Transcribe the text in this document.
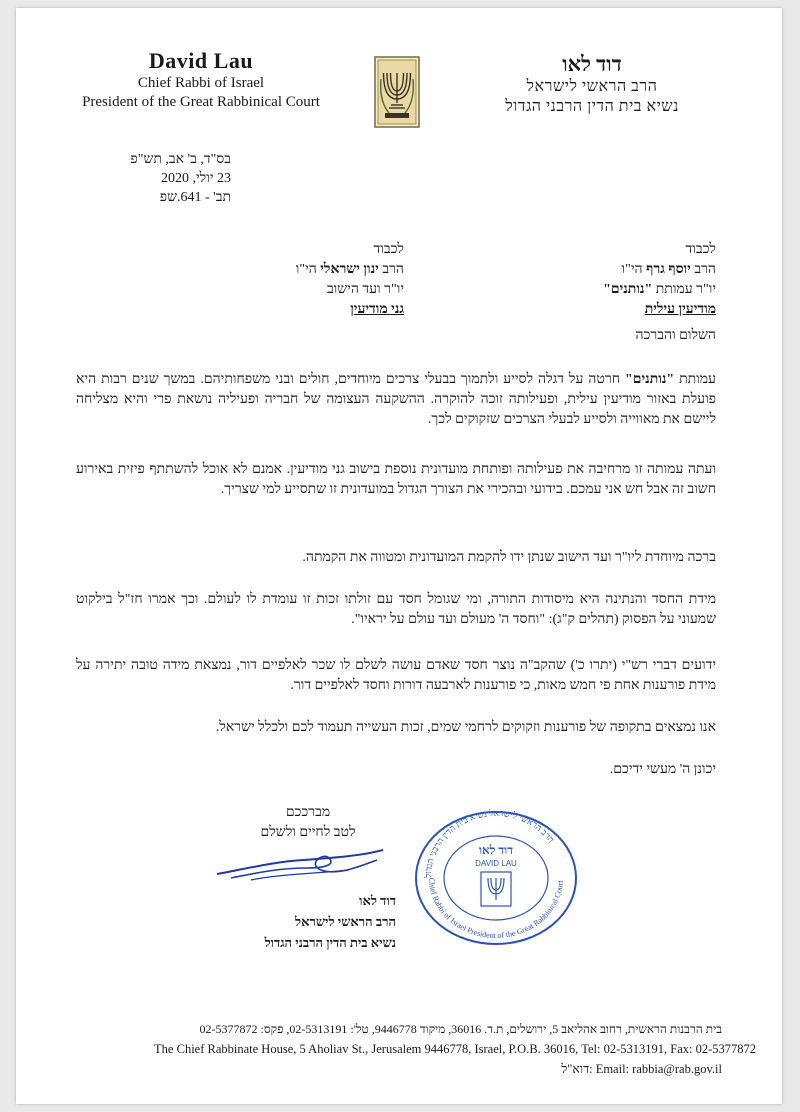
David Lau
Chief Rabbi of Israel
President of the Great Rabbinical Court
דוד לאו
הרב הראשי לישראל
נשיא בית הדין הרבני הגדול
בס"ד, ב' אב, תש"פ
23 יולי, 2020
תב' - 641.שפ
לכבוד
הרב יוסף גרף הי"ו
יו"ר עמותת "נותנים"
מודיעין עילית
לכבוד
הרב ינון ישראלי הי"ו
יו"ר ועד הישוב
גני מודיעין
השלום והברכה
עמותת "נותנים" חרטה על דגלה לסייע ולתמוך בבעלי צרכים מיוחדים, חולים ובני משפחותיהם. במשך שנים רבות היא פועלת באזור מודיעין עילית, ופעילותה זוכה להוקרה. ההשקעה העצומה של חבריה ופעיליה נושאת פרי והיא מצליחה ליישם את מאווייה ולסייע לבעלי הצרכים שזקוקים לכך.
ועתה עמותה זו מרחיבה את פעילותה ופותחת מועדונית נוספת בישוב גני מודיעין. אמנם לא אוכל להשתתף פיזית באירוע חשוב זה אבל חש אני עמכם. בידועי ובהכירי את הצורך הגדול במועדונית זו שתסייע למי שצריך.
ברכה מיוחדת ליו"ר ועד הישוב שנתן ידו להקמת המועדונית ומטווה את הקמתה.
מידת החסד והנתינה היא מיסודות התורה, ומי שגומל חסד עם זולתו זכות זו עומדת לו לעולם. וכך אמרו חז"ל בילקוט שמעוני על הפסוק (תהלים ק"ג): "וחסד ה' מעולם ועד עולם על יראיו".
ידועים דברי רש"י (יתרו כ') שהקב"ה נוצר חסד שאדם עושה לשלם לו שכר לאלפיים דור, נמצאת מידה טובה יתירה על מידת פורענות אחת פי חמש מאות, כי פורענות לארבעה דורות וחסד לאלפיים דור.
אנו נמצאים בתקופה של פורענות וזקוקים לרחמי שמים, זכות העשייה תעמוד לכם ולכלל ישראל.
יכונן ה' מעשי ידיכם.
מברככם
לטב לחיים ולשלם
דוד לאו
הרב הראשי לישראל
נשיא בית הדין הרבני הגדול
הרב הראשי לישראל נשיא בית הדין הרבני הגדול
Chief Rabbi of Israel President of the Great Rabbinical Court
דוד לאו
DAVID LAU
בית הרבנות הראשית, רחוב אהליאב 5, ירושלים, ת.ד. 36016, מיקוד 9446778, טל': 02-5313191, פקס: 02-5377872
The Chief Rabbinate House, 5 Aholiav St., Jerusalem 9446778, Israel, P.O.B. 36016, Tel: 02-5313191, Fax: 02-5377872
דוא"ל: Email: rabbia@rab.gov.il
